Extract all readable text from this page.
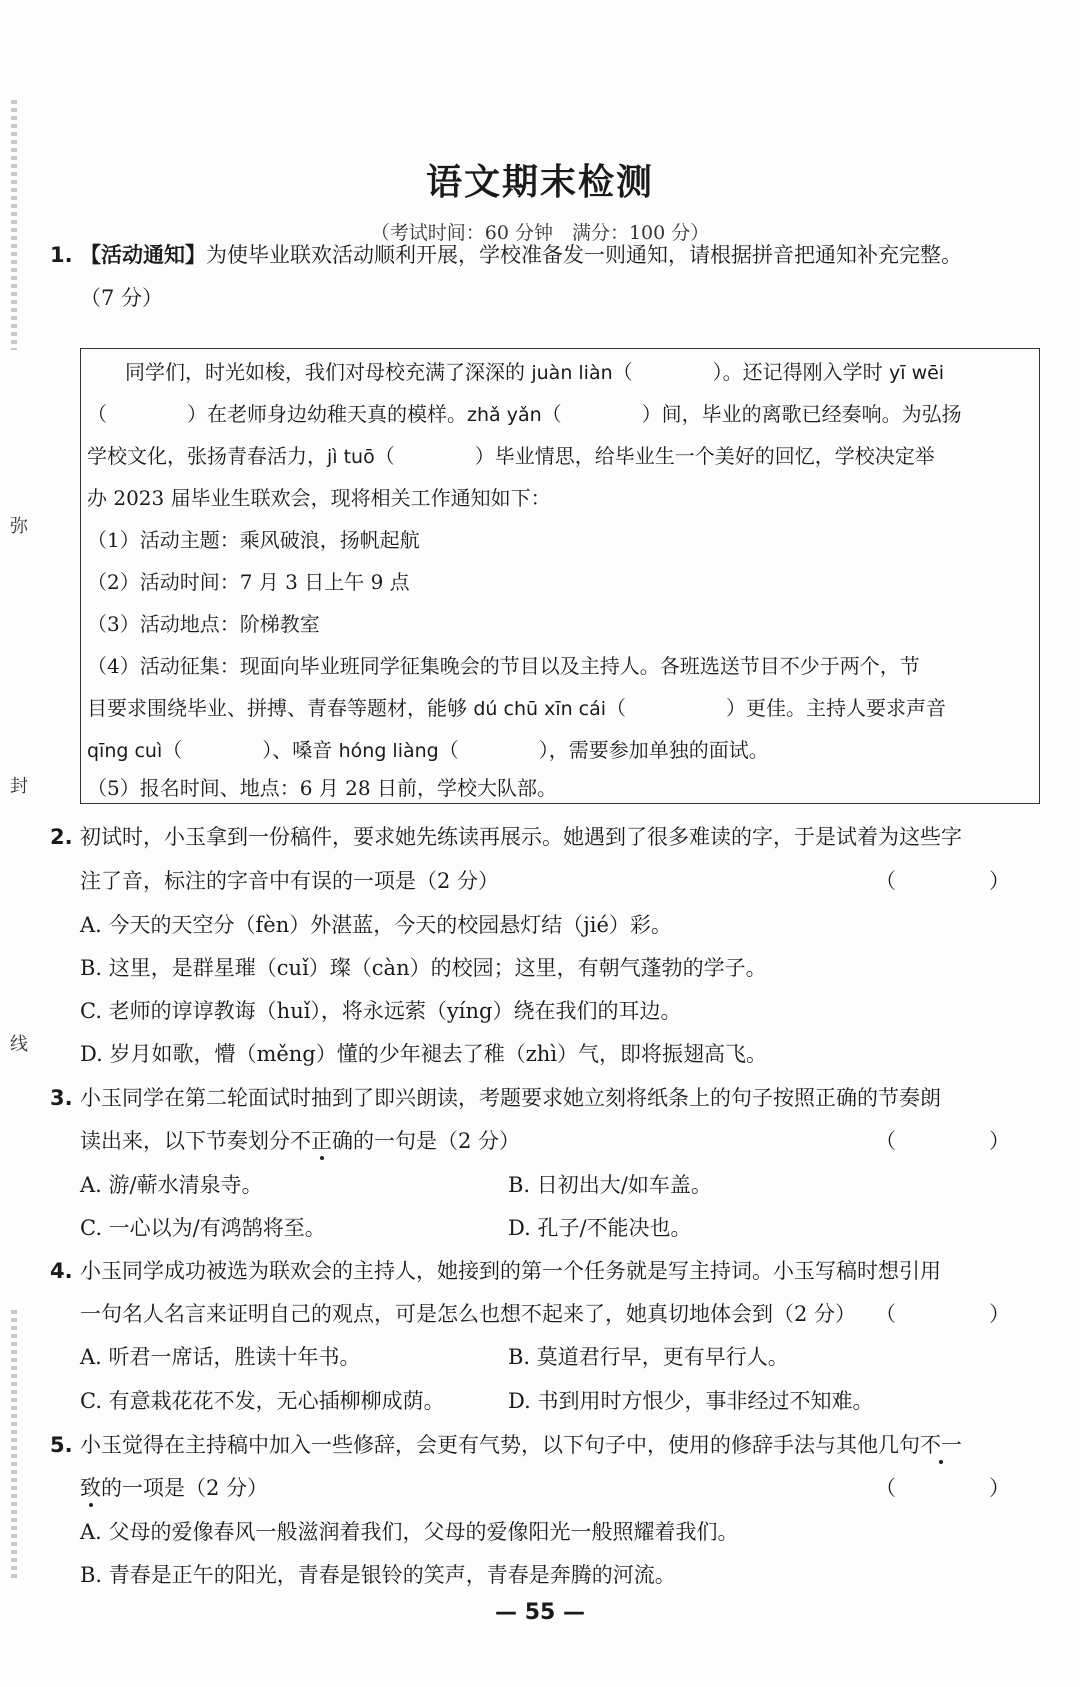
弥
封
线
语文期末检测
（考试时间：60 分钟　满分：100 分）
1. 【活动通知】为使毕业联欢活动顺利开展，学校准备发一则通知，请根据拼音把通知补充完整。
（7 分）
同学们，时光如梭，我们对母校充满了深深的 juàn liàn（　　　　）。还记得刚入学时 yī wēi
（　　　　）在老师身边幼稚天真的模样。zhǎ yǎn（　　　　）间，毕业的离歌已经奏响。为弘扬
学校文化，张扬青春活力，jì tuō（　　　　）毕业情思，给毕业生一个美好的回忆，学校决定举
办 2023 届毕业生联欢会，现将相关工作通知如下：
（1）活动主题：乘风破浪，扬帆起航
（2）活动时间：7 月 3 日上午 9 点
（3）活动地点：阶梯教室
（4）活动征集：现面向毕业班同学征集晚会的节目以及主持人。各班选送节目不少于两个，节
目要求围绕毕业、拼搏、青春等题材，能够 dú chū xīn cái（　　　　　）更佳。主持人要求声音
qīng cuì（　　　　）、嗓音 hóng liàng（　　　　），需要参加单独的面试。
（5）报名时间、地点：6 月 28 日前，学校大队部。
2. 初试时，小玉拿到一份稿件，要求她先练读再展示。她遇到了很多难读的字，于是试着为这些字
注了音，标注的字音中有误的一项是（2 分）	（　）
A. 今天的天空分（fèn）外湛蓝，今天的校园悬灯结（jié）彩。
B. 这里，是群星璀（cuǐ）璨（càn）的校园；这里，有朝气蓬勃的学子。
C. 老师的谆谆教诲（huǐ），将永远萦（yíng）绕在我们的耳边。
D. 岁月如歌，懵（měng）懂的少年褪去了稚（zhì）气，即将振翅高飞。
3. 小玉同学在第二轮面试时抽到了即兴朗读，考题要求她立刻将纸条上的句子按照正确的节奏朗
读出来，以下节奏划分不正确的一句是（2 分）	（　）
A. 游/蕲水清泉寺。	B. 日初出大/如车盖。
C. 一心以为/有鸿鹄将至。	D. 孔子/不能决也。
4. 小玉同学成功被选为联欢会的主持人，她接到的第一个任务就是写主持词。小玉写稿时想引用
一句名人名言来证明自己的观点，可是怎么也想不起来了，她真切地体会到（2 分） （　）
A. 听君一席话，胜读十年书。	B. 莫道君行早，更有早行人。
C. 有意栽花花不发，无心插柳柳成荫。	D. 书到用时方恨少，事非经过不知难。
5. 小玉觉得在主持稿中加入一些修辞，会更有气势，以下句子中，使用的修辞手法与其他几句不一
致的一项是（2 分）	（　）
A. 父母的爱像春风一般滋润着我们，父母的爱像阳光一般照耀着我们。
B. 青春是正午的阳光，青春是银铃的笑声，青春是奔腾的河流。
— 55 —
